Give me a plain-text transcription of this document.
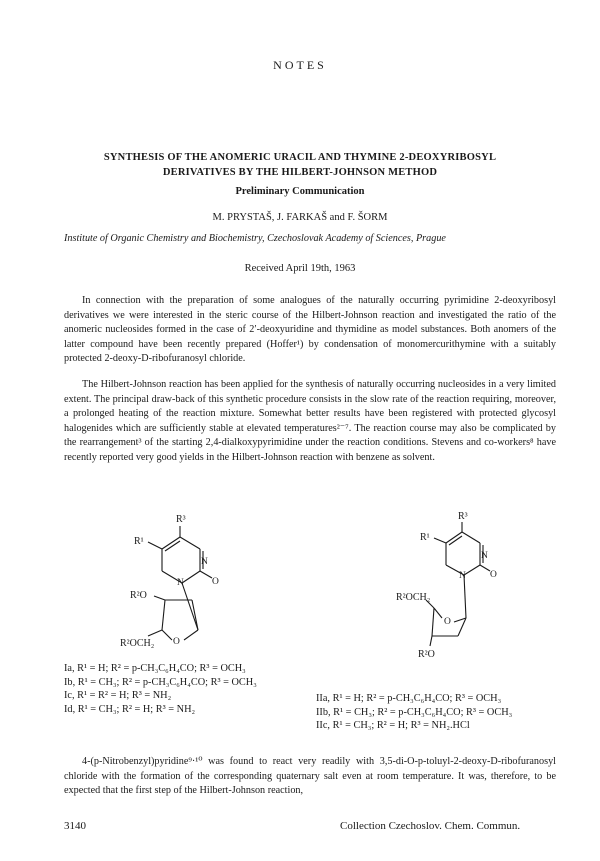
NOTES
SYNTHESIS OF THE ANOMERIC URACIL AND THYMINE 2-DEOXYRIBOSYL
DERIVATIVES BY THE HILBERT-JOHNSON METHOD
Preliminary Communication
M. PRYSTAŠ, J. FARKAŠ and F. ŠORM
Institute of Organic Chemistry and Biochemistry, Czechoslovak Academy of Sciences, Prague
Received April 19th, 1963
In connection with the preparation of some analogues of the naturally occurring pyrimidine 2-deoxyribosyl derivatives we were interested in the steric course of the Hilbert-Johnson reaction and investigated the ratio of the anomeric nucleosides formed in the case of 2′-deoxyuridine and thymidine as model substances. Both anomers of the latter compound have been recently prepared (Hoffer¹) by condensation of monomercurithymine with a suitably protected 2-deoxy-D-ribofuranosyl chloride.
The Hilbert-Johnson reaction has been applied for the synthesis of naturally occurring nucleosides in a very limited extent. The principal draw-back of this synthetic procedure consists in the slow rate of the reaction requiring, moreover, a prolonged heating of the reaction mixture. Somewhat better results have been registered with protected glycosyl halogenides which are sufficiently stable at elevated temperatures²⁻⁷. The reaction course may also be complicated by the rearrangement³ of the starting 2,4-dialkoxypyrimidine under the reaction conditions. Stevens and co-workers⁸ have recently reported very good yields in the Hilbert-Johnson reaction with benzene as solvent.
R³
R¹
N
N	O
R²O
O
R²OCH₂
R³
R¹
N
N	O
R²OCH₂
O
R²O
Ia, R¹ = H; R² = p-CH₃C₆H₄CO; R³ = OCH₃
Ib, R¹ = CH₃; R² = p-CH₃C₆H₄CO; R³ = OCH₃
Ic, R¹ = R² = H; R³ = NH₂
Id, R¹ = CH₃; R² = H; R³ = NH₂
IIa, R¹ = H; R² = p-CH₃C₆H₄CO; R³ = OCH₃
IIb, R¹ = CH₃; R² = p-CH₃C₆H₄CO; R³ = OCH₃
IIc, R¹ = CH₃; R² = H; R³ = NH₂.HCl
4-(p-Nitrobenzyl)pyridine⁹·¹⁰ was found to react very readily with 3,5-di-O-p-toluyl-2-deoxy-D-ribofuranosyl chloride with the formation of the corresponding quaternary salt even at room temperature. It was, therefore, to be expected that the first step of the Hilbert-Johnson reaction,
3140	Collection Czechoslov. Chem. Commun.
